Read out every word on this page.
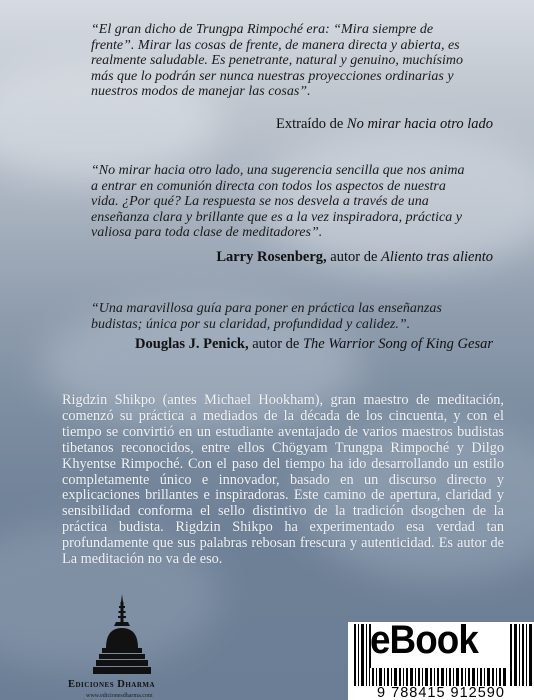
“El gran dicho de Trungpa Rimpoché era: “Mira siempre de frente”. Mirar las cosas de frente, de manera directa y abierta, es realmente saludable. Es penetrante, natural y genuino, muchísimo más que lo podrán ser nunca nuestras proyecciones ordinarias y nuestros modos de manejar las cosas”.
Extraído de No mirar hacia otro lado
“No mirar hacia otro lado, una sugerencia sencilla que nos anima a entrar en comunión directa con todos los aspectos de nuestra vida. ¿Por qué? La respuesta se nos desvela a través de una enseñanza clara y brillante que es a la vez inspiradora, práctica y valiosa para toda clase de meditadores”.
Larry Rosenberg, autor de Aliento tras aliento
“Una maravillosa guía para poner en práctica las enseñanzas budistas; única por su claridad, profundidad y calidez.”.
Douglas J. Penick, autor de The Warrior Song of King Gesar
Rigdzin Shikpo (antes Michael Hookham), gran maestro de meditación, comenzó su práctica a mediados de la década de los cincuenta, y con el tiempo se convirtió en un estudiante aventajado de varios maestros budistas tibetanos reconocidos, entre ellos Chögyam Trungpa Rimpoché y Dilgo Khyentse Rimpoché. Con el paso del tiempo ha ido desarrollando un estilo completamente único e innovador, basado en un discurso directo y explicaciones brillantes e inspiradoras. Este camino de apertura, claridad y sensibilidad conforma el sello distintivo de la tradición dsogchen de la práctica budista. Rigdzin Shikpo ha experimentado esa verdad tan profundamente que sus palabras rebosan frescura y autenticidad. Es autor de La meditación no va de eso.
Ediciones Dharma
www.edicionesdharma.com
eBook
9 788415 912590
